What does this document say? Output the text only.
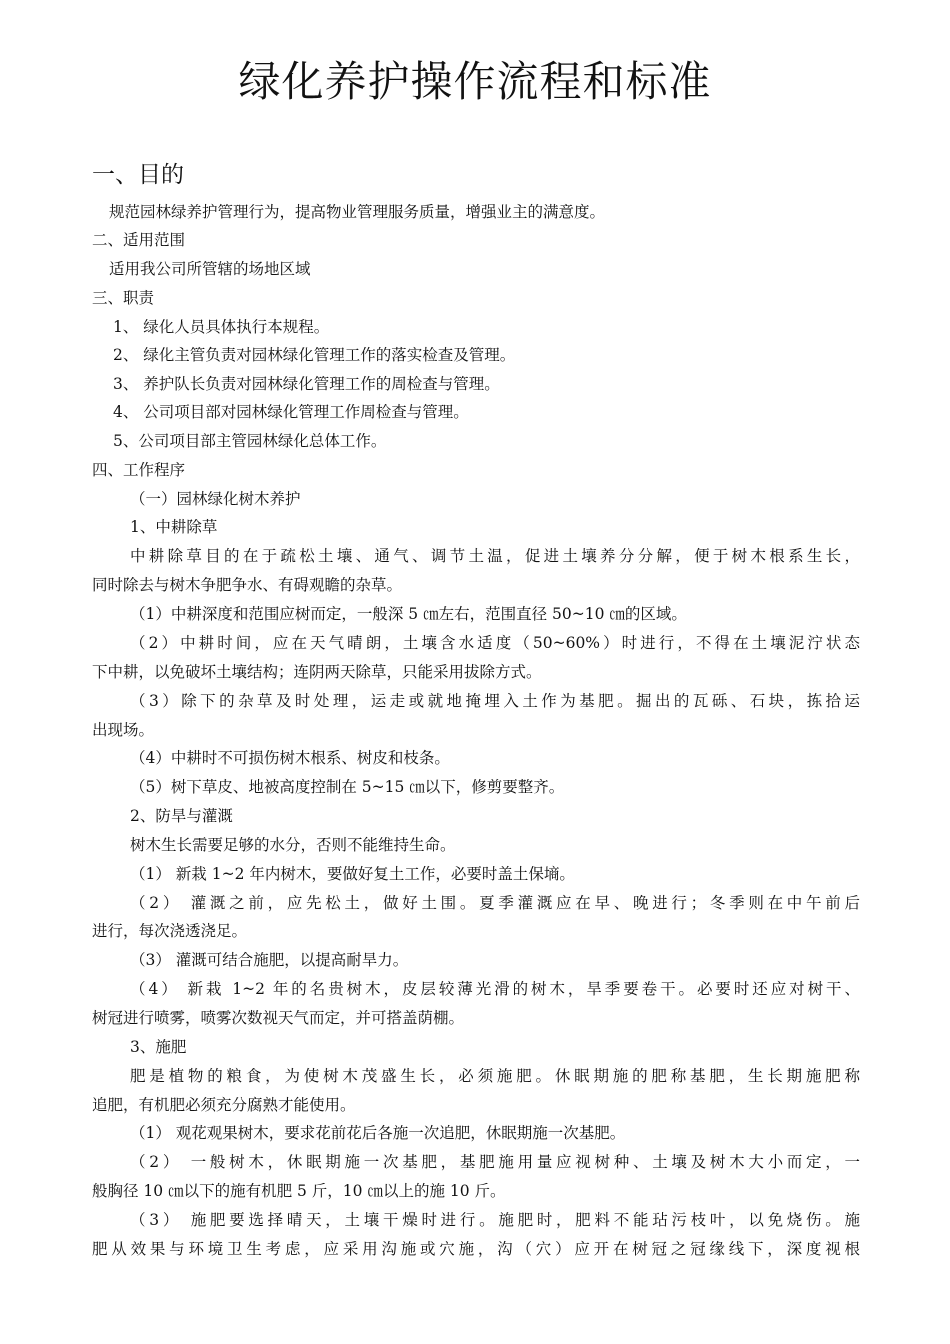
绿化养护操作流程和标准
一、目的
规范园林绿养护管理行为，提高物业管理服务质量，增强业主的满意度。
二、适用范围
适用我公司所管辖的场地区域
三、职责
1、 绿化人员具体执行本规程。
2、 绿化主管负责对园林绿化管理工作的落实检查及管理。
3、 养护队长负责对园林绿化管理工作的周检查与管理。
4、 公司项目部对园林绿化管理工作周检查与管理。
5、公司项目部主管园林绿化总体工作。
四、工作程序
（一）园林绿化树木养护
1、中耕除草
中耕除草目的在于疏松土壤、通气、调节土温，促进土壤养分分解，便于树木根系生长，
同时除去与树木争肥争水、有碍观瞻的杂草。
（1）中耕深度和范围应树而定，一般深 5 ㎝左右，范围直径 50~10 ㎝的区域。
（2）中耕时间，应在天气晴朗，土壤含水适度（50~60%）时进行，不得在土壤泥泞状态
下中耕，以免破坏土壤结构；连阴两天除草，只能采用拔除方式。
（3）除下的杂草及时处理，运走或就地掩埋入土作为基肥。掘出的瓦砾、石块，拣拾运
出现场。
（4）中耕时不可损伤树木根系、树皮和枝条。
（5）树下草皮、地被高度控制在 5~15 ㎝以下，修剪要整齐。
2、防旱与灌溉
树木生长需要足够的水分，否则不能维持生命。
（1） 新栽 1~2 年内树木，要做好复土工作，必要时盖土保墒。
（2） 灌溉之前，应先松土，做好土围。夏季灌溉应在早、晚进行；冬季则在中午前后
进行，每次浇透浇足。
（3） 灌溉可结合施肥，以提高耐旱力。
（4） 新栽 1~2 年的名贵树木，皮层较薄光滑的树木，旱季要卷干。必要时还应对树干、
树冠进行喷雾，喷雾次数视天气而定，并可搭盖荫棚。
3、施肥
肥是植物的粮食，为使树木茂盛生长，必须施肥。休眠期施的肥称基肥，生长期施肥称
追肥，有机肥必须充分腐熟才能使用。
（1） 观花观果树木，要求花前花后各施一次追肥，休眠期施一次基肥。
（2） 一般树木，休眠期施一次基肥，基肥施用量应视树种、土壤及树木大小而定，一
般胸径 10 ㎝以下的施有机肥 5 斤，10 ㎝以上的施 10 斤。
（3） 施肥要选择晴天，土壤干燥时进行。施肥时，肥料不能玷污枝叶，以免烧伤。施
肥从效果与环境卫生考虑，应采用沟施或穴施，沟（穴）应开在树冠之冠缘线下，深度视根
